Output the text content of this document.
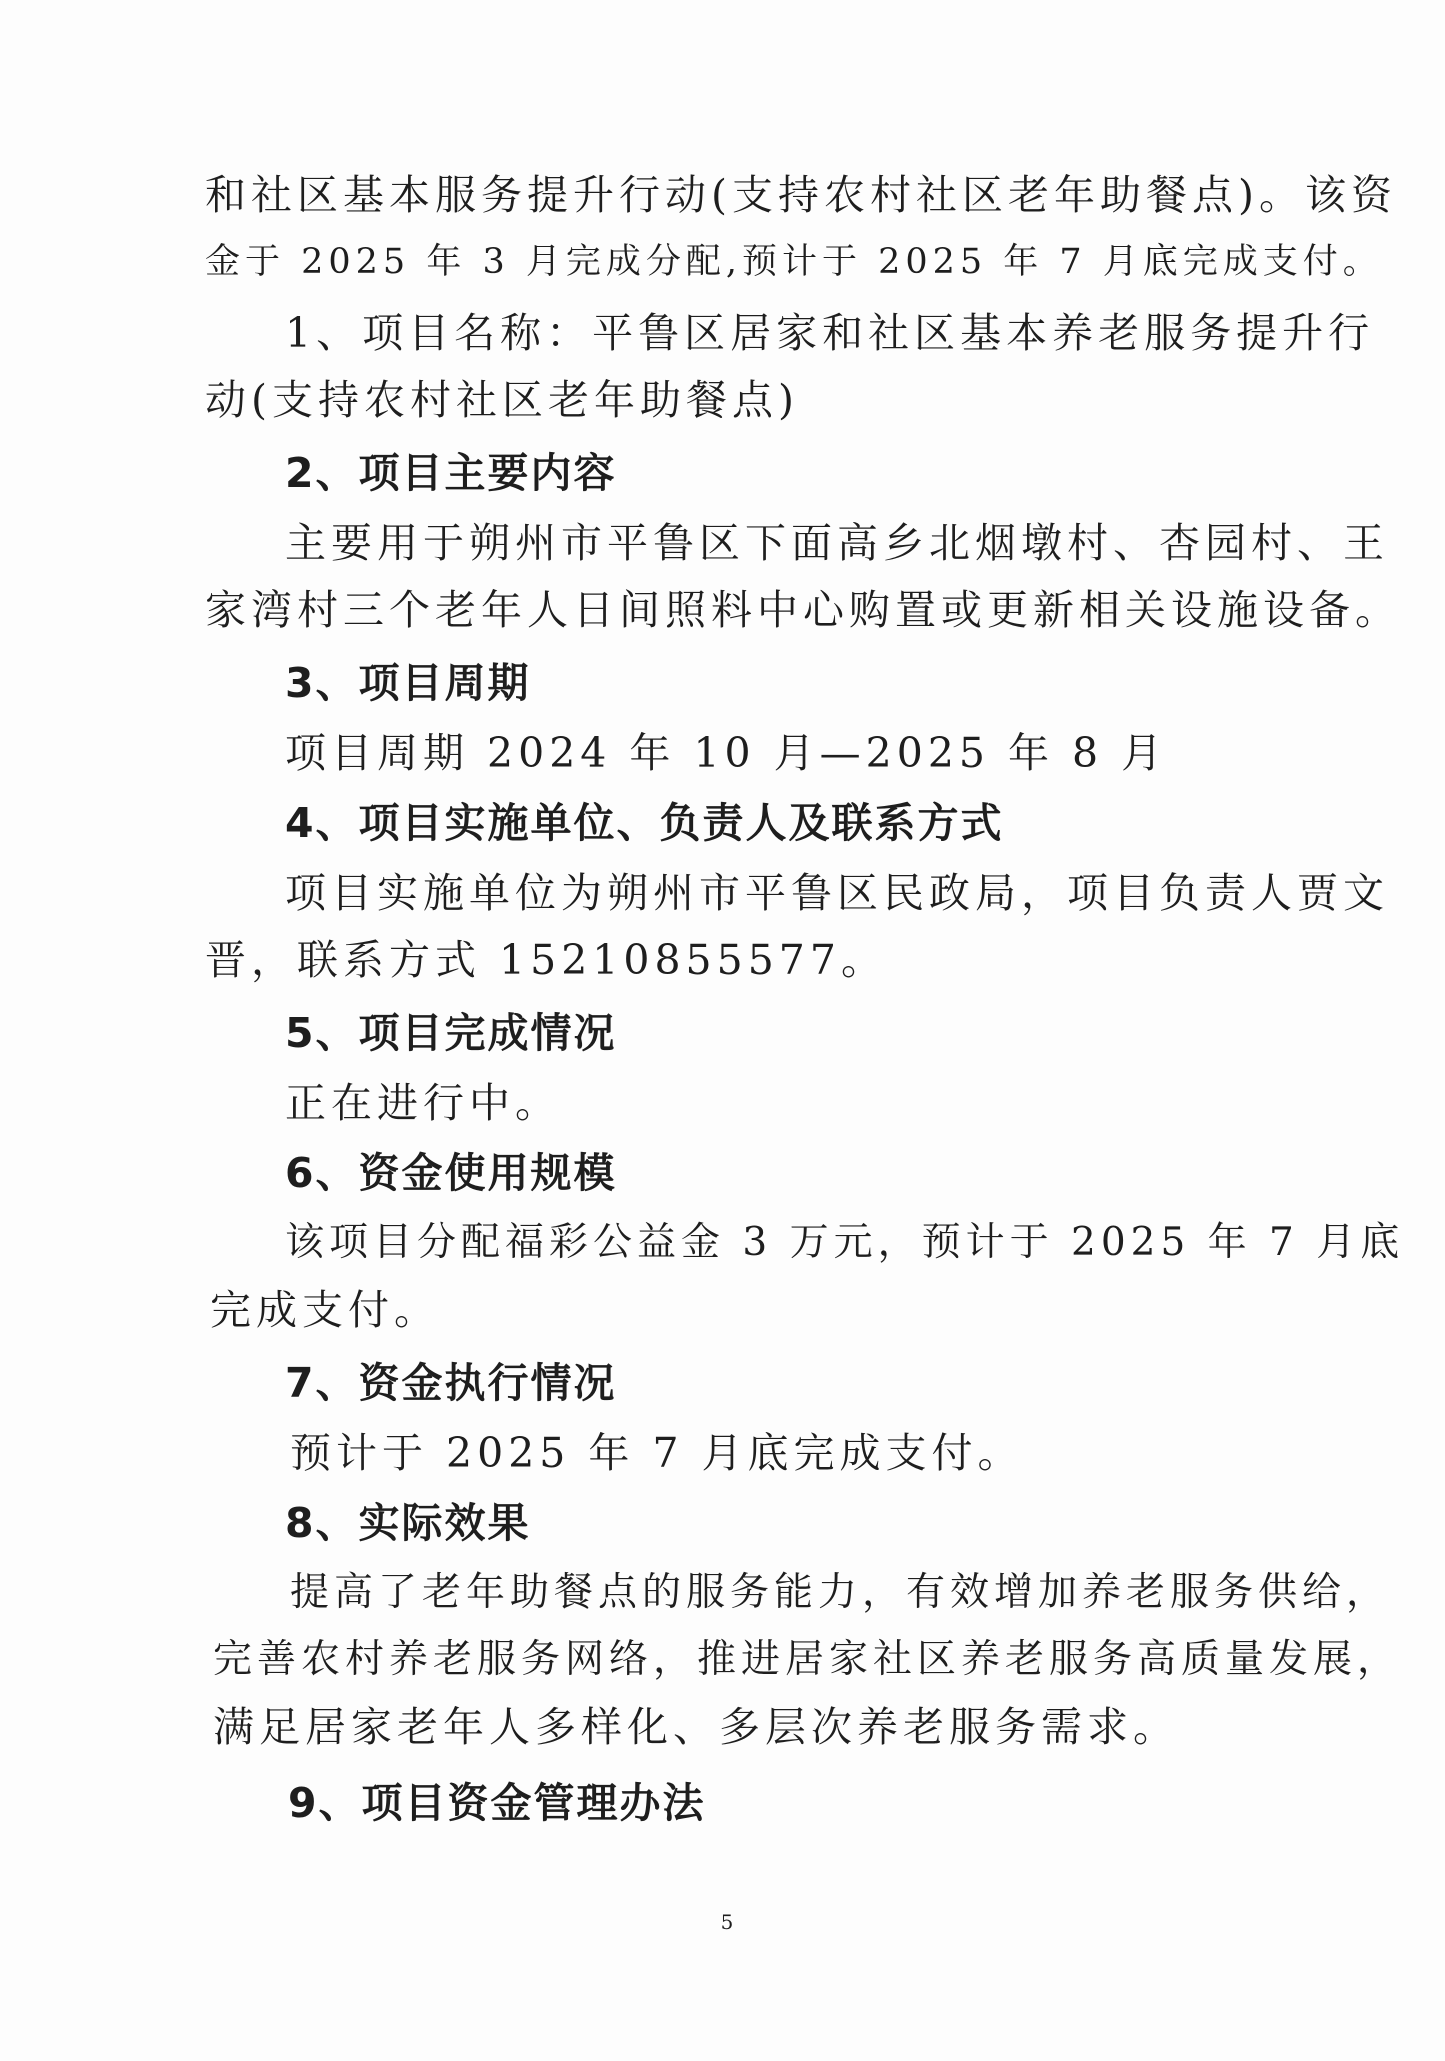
和社区基本服务提升行动(支持农村社区老年助餐点)。该资
金于 2025 年 3 月完成分配,预计于 2025 年 7 月底完成支付。
1、项目名称：平鲁区居家和社区基本养老服务提升行
动(支持农村社区老年助餐点)
2、项目主要内容
主要用于朔州市平鲁区下面高乡北烟墩村、杏园村、王
家湾村三个老年人日间照料中心购置或更新相关设施设备。
3、项目周期
项目周期 2024 年 10 月—2025 年 8 月
4、项目实施单位、负责人及联系方式
项目实施单位为朔州市平鲁区民政局，项目负责人贾文
晋，联系方式 15210855577。
5、项目完成情况
正在进行中。
6、资金使用规模
该项目分配福彩公益金 3 万元，预计于 2025 年 7 月底
完成支付。
7、资金执行情况
预计于 2025 年 7 月底完成支付。
8、实际效果
提高了老年助餐点的服务能力，有效增加养老服务供给，
完善农村养老服务网络，推进居家社区养老服务高质量发展，
满足居家老年人多样化、多层次养老服务需求。
9、项目资金管理办法
5
